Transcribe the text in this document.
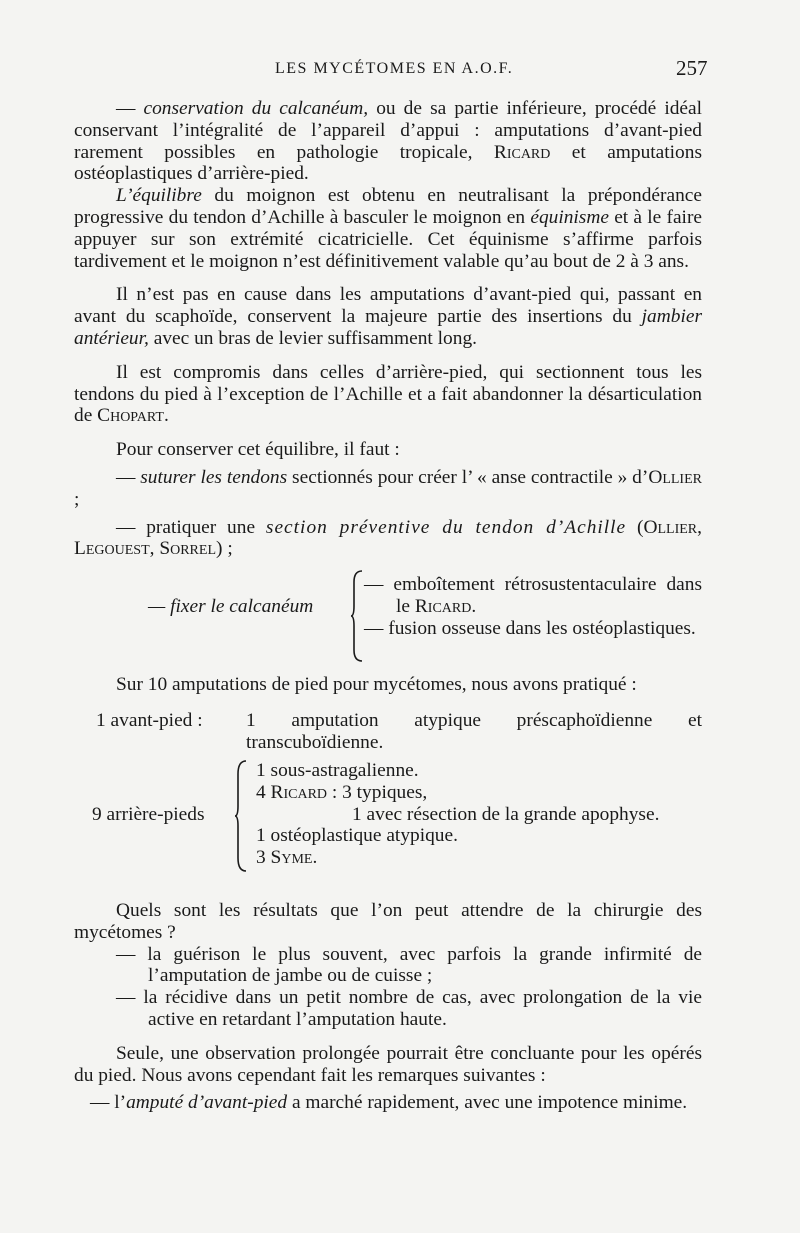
LES MYCÉTOMES EN A.O.F.	257

— conservation du calcanéum, ou de sa partie inférieure, procédé idéal conservant l’intégralité de l’appareil d’appui : amputations d’avant-pied rarement possibles en pathologie tropicale, Ricard et amputations ostéoplastiques d’arrière-pied.

L’équilibre du moignon est obtenu en neutralisant la prépondérance progressive du tendon d’Achille à basculer le moignon en équinisme et à le faire appuyer sur son extrémité cicatricielle. Cet équinisme s’affirme parfois tardivement et le moignon n’est définitivement valable qu’au bout de 2 à 3 ans.

Il n’est pas en cause dans les amputations d’avant-pied qui, passant en avant du scaphoïde, conservent la majeure partie des insertions du jambier antérieur, avec un bras de levier suffisamment long.

Il est compromis dans celles d’arrière-pied, qui sectionnent tous les tendons du pied à l’exception de l’Achille et a fait abandonner la désarticulation de Chopart.

Pour conserver cet équilibre, il faut :

— suturer les tendons sectionnés pour créer l’ « anse contractile » d’Ollier ;

— pratiquer une section préventive du tendon d’Achille (Ollier, Legouest, Sorrel) ;

— fixer le calcanéum

— emboîtement rétrosustentaculaire dans le Ricard.

— fusion osseuse dans les ostéoplastiques.

Sur 10 amputations de pied pour mycétomes, nous avons pratiqué :

1 avant-pied : 1 amputation atypique préscaphoïdienne et transcuboïdienne.

9 arrière-pieds

1 sous-astragalienne.

4 Ricard : 3 typiques,

1 avec résection de la grande apophyse.

1 ostéoplastique atypique.

3 Syme.

Quels sont les résultats que l’on peut attendre de la chirurgie des mycétomes ?

— la guérison le plus souvent, avec parfois la grande infirmité de l’amputation de jambe ou de cuisse ;

— la récidive dans un petit nombre de cas, avec prolongation de la vie active en retardant l’amputation haute.

Seule, une observation prolongée pourrait être concluante pour les opérés du pied. Nous avons cependant fait les remarques suivantes :

— l’amputé d’avant-pied a marché rapidement, avec une impotence minime.
